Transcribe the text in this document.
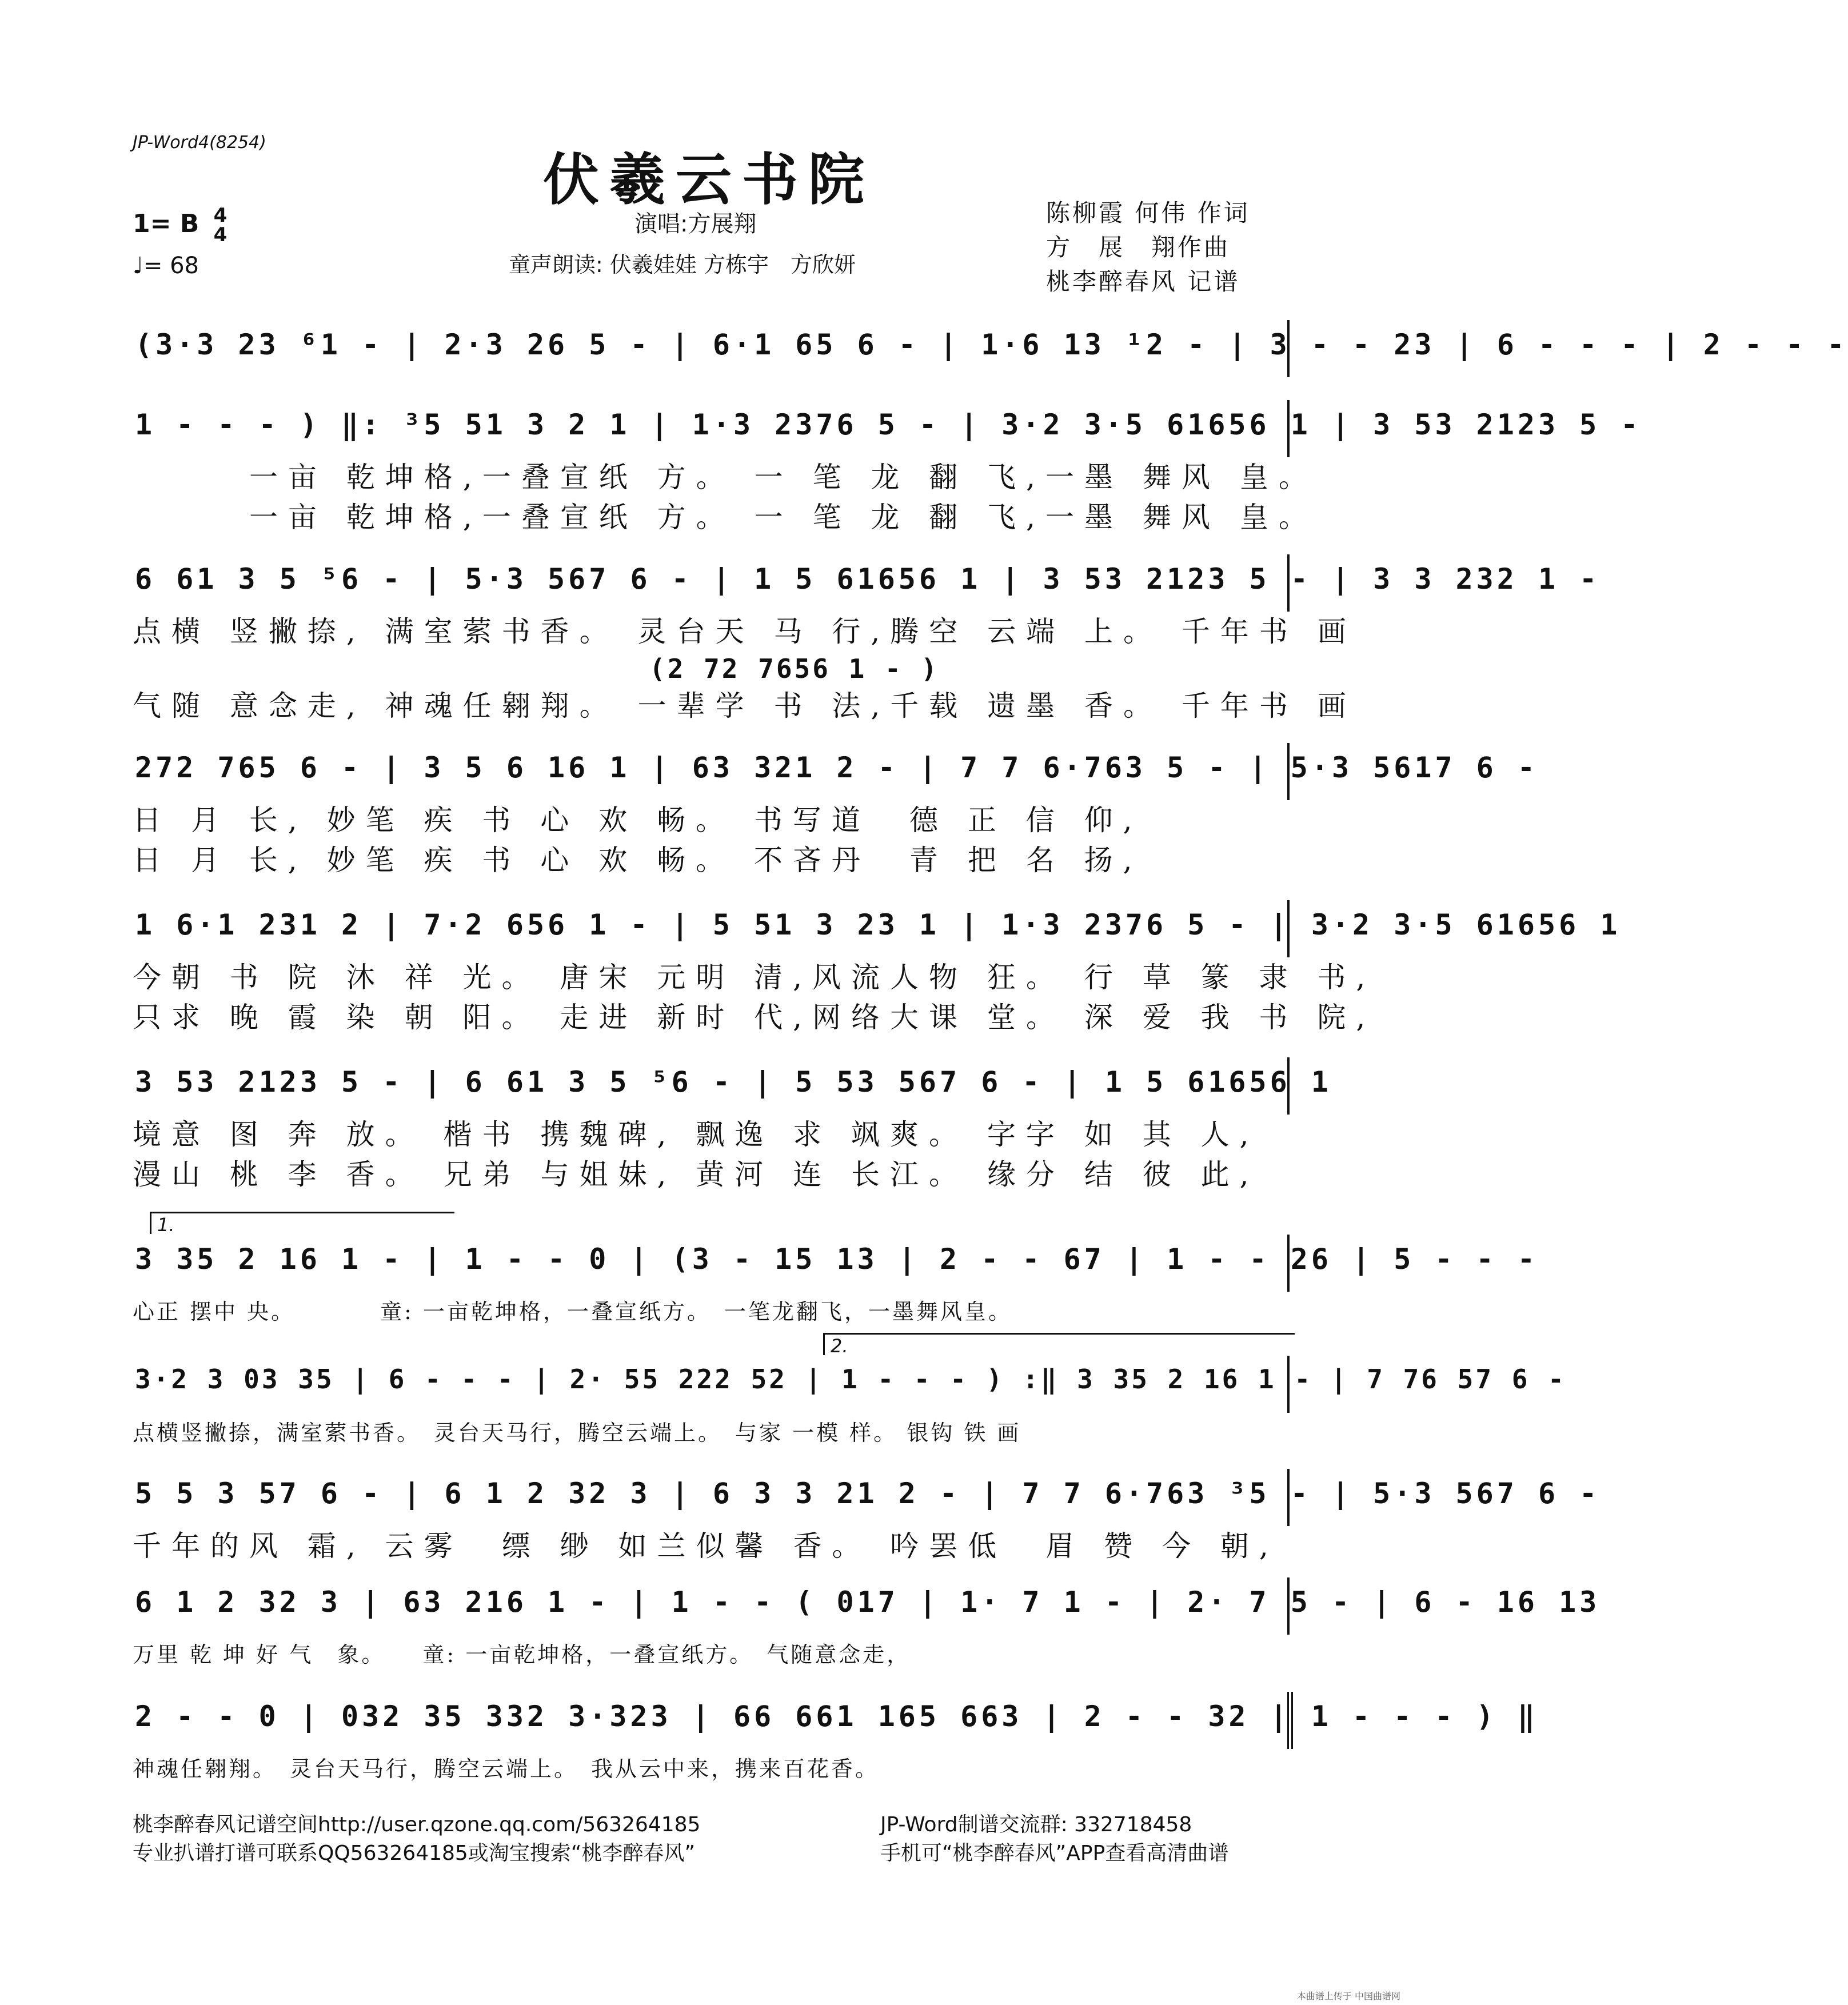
JP-Word4(8254)
伏羲云书院
演唱:方展翔
童声朗读: 伏羲娃娃 方栋宇　方欣妍
1= B 4
4
♩= 68
陈柳霞 何伟 作词
方　展　翔作曲
桃李醉春风 记谱
(3·3 23 ⁶1 - | 2·3 26 5 - | 6·1 65 6 - | 1·6 13 ¹2 - | 3 - - 23 | 6 - - - | 2 - - -
1 - - - ) ‖: ³5 51 3 2 1 | 1·3 2376 5 - | 3·2 3·5 61656 1 | 3 53 2123 5 -
　　　一亩 乾坤格,一叠宣纸 方。 一 笔 龙 翻 飞,一墨 舞风 皇。
　　　一亩 乾坤格,一叠宣纸 方。 一 笔 龙 翻 飞,一墨 舞风 皇。
6 61 3 5 ⁵6 - | 5·3 567 6 - | 1 5 61656 1 | 3 53 2123 5 - | 3 3 232 1 -
点横 竖撇捺, 满室萦书香。 灵台天 马 行,腾空 云端 上。 千年书 画
　　　　　　　　　　　　　　　　　　(2 72 7656 1 - )
气随 意念走, 神魂任翱翔。 一辈学 书 法,千载 遗墨 香。 千年书 画
272 765 6 - | 3 5 6 16 1 | 63 321 2 - | 7 7 6·763 5 - | 5·3 5617 6 -
日 月 长, 妙笔 疾 书 心 欢 畅。 书写道　德 正 信 仰,
日 月 长, 妙笔 疾 书 心 欢 畅。 不吝丹　青 把 名 扬,
1 6·1 231 2 | 7·2 656 1 - | 5 51 3 23 1 | 1·3 2376 5 - | 3·2 3·5 61656 1
今朝 书 院 沐 祥 光。 唐宋 元明 清,风流人物 狂。 行 草 篆 隶 书,
只求 晚 霞 染 朝 阳。 走进 新时 代,网络大课 堂。 深 爱 我 书 院,
3 53 2123 5 - | 6 61 3 5 ⁵6 - | 5 53 567 6 - | 1 5 61656 1
境意 图 奔 放。 楷书 携魏碑, 飘逸 求 飒爽。 字字 如 其 人,
漫山 桃 李 香。 兄弟 与姐妹, 黄河 连 长江。 缘分 结 彼 此,
1.
3 35 2 16 1 - | 1 - - 0 | (3 - 15 13 | 2 - - 67 | 1 - - 26 | 5 - - -
心正 摆中 央。　　　　童: 一亩乾坤格，一叠宣纸方。　一笔龙翻飞，一墨舞风皇。
2.
3·2 3 03 35 | 6 - - - | 2· 55 222 52 | 1 - - - ) :‖ 3 35 2 16 1 - | 7 76 57 6 -
点横竖撇捺，满室萦书香。　灵台天马行，腾空云端上。　与家 一模 样。 银钩 铁 画
5 5 3 57 6 - | 6 1 2 32 3 | 6 3 3 21 2 - | 7 7 6·763 ³5 - | 5·3 567 6 -
千年的风 霜, 云雾　缥 缈 如兰似馨 香。 吟罢低　眉 赞 今 朝,
6 1 2 32 3 | 63 216 1 - | 1 - - ( 017 | 1· 7 1 - | 2· 7 5 - | 6 - 16 13
万里 乾 坤 好 气　象。　　童: 一亩乾坤格，一叠宣纸方。　气随意念走，
2 - - 0 | 032 35 332 3·323 | 66 661 165 663 | 2 - - 32 | 1 - - - ) ‖
神魂任翱翔。　灵台天马行，腾空云端上。　我从云中来，携来百花香。
桃李醉春风记谱空间http://user.qzone.qq.com/563264185
专业扒谱打谱可联系QQ563264185或淘宝搜索“桃李醉春风”
JP-Word制谱交流群: 332718458
手机可“桃李醉春风”APP查看高清曲谱
本曲谱上传于 中国曲谱网
